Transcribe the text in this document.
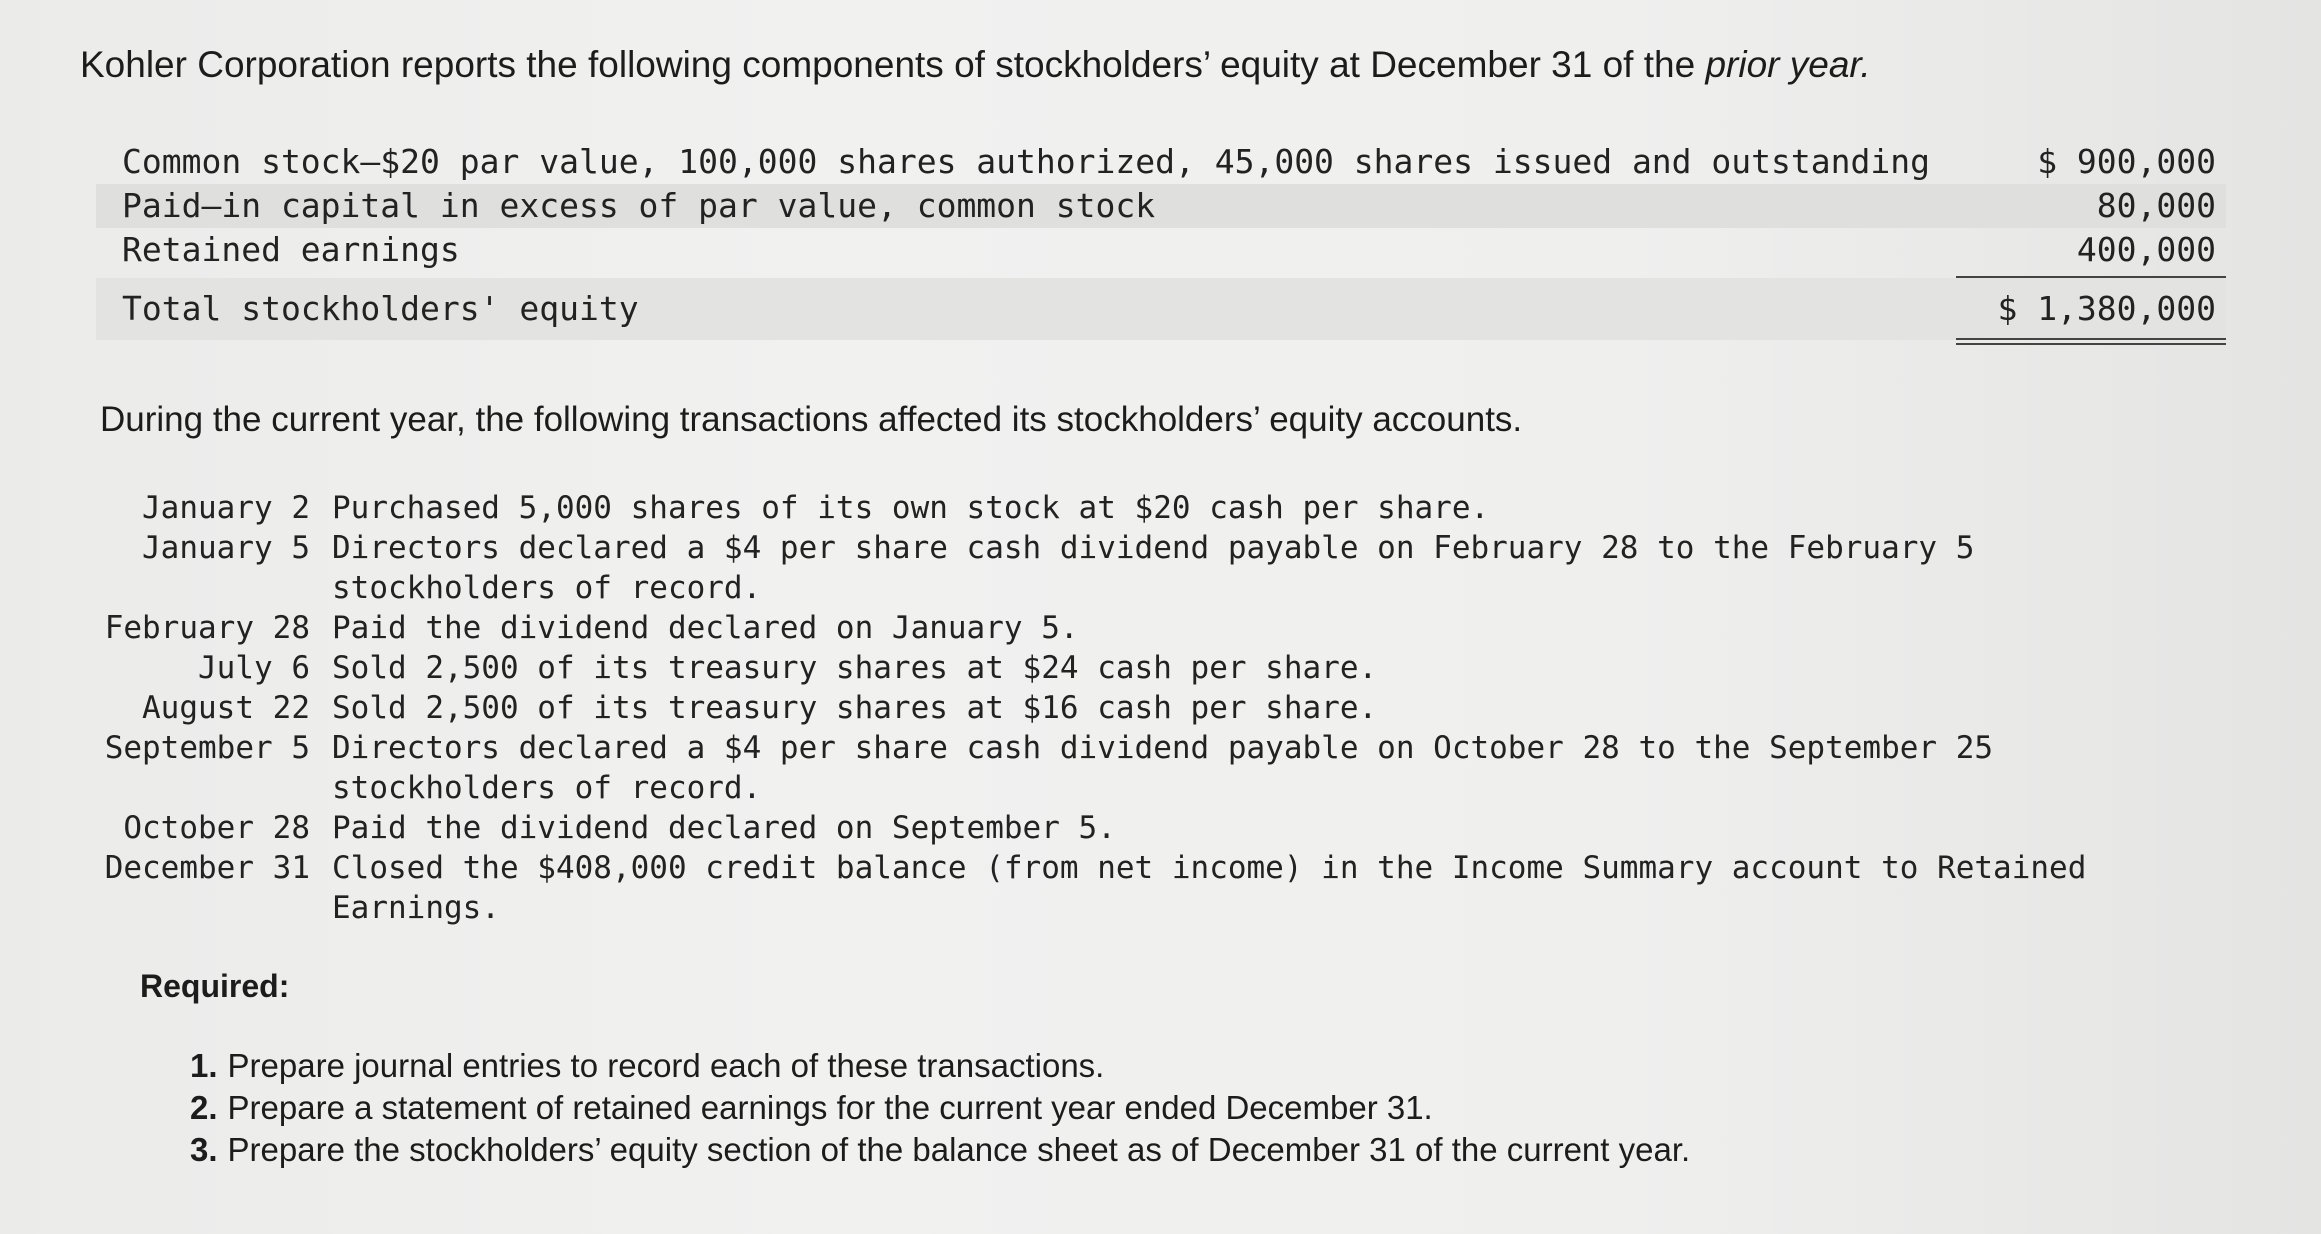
Kohler Corporation reports the following components of stockholders’ equity at December 31 of the prior year.
Common stock—$20 par value, 100,000 shares authorized, 45,000 shares issued and outstanding	$ 900,000
Paid—in capital in excess of par value, common stock	80,000
Retained earnings	400,000
Total stockholders' equity	$ 1,380,000
During the current year, the following transactions affected its stockholders’ equity accounts.
January 2 Purchased 5,000 shares of its own stock at $20 cash per share.
January 5 Directors declared a $4 per share cash dividend payable on February 28 to the February 5 stockholders of record.
February 28 Paid the dividend declared on January 5.
July 6 Sold 2,500 of its treasury shares at $24 cash per share.
August 22 Sold 2,500 of its treasury shares at $16 cash per share.
September 5 Directors declared a $4 per share cash dividend payable on October 28 to the September 25 stockholders of record.
October 28 Paid the dividend declared on September 5.
December 31 Closed the $408,000 credit balance (from net income) in the Income Summary account to Retained Earnings.
Required:
1. Prepare journal entries to record each of these transactions.
2. Prepare a statement of retained earnings for the current year ended December 31.
3. Prepare the stockholders’ equity section of the balance sheet as of December 31 of the current year.
